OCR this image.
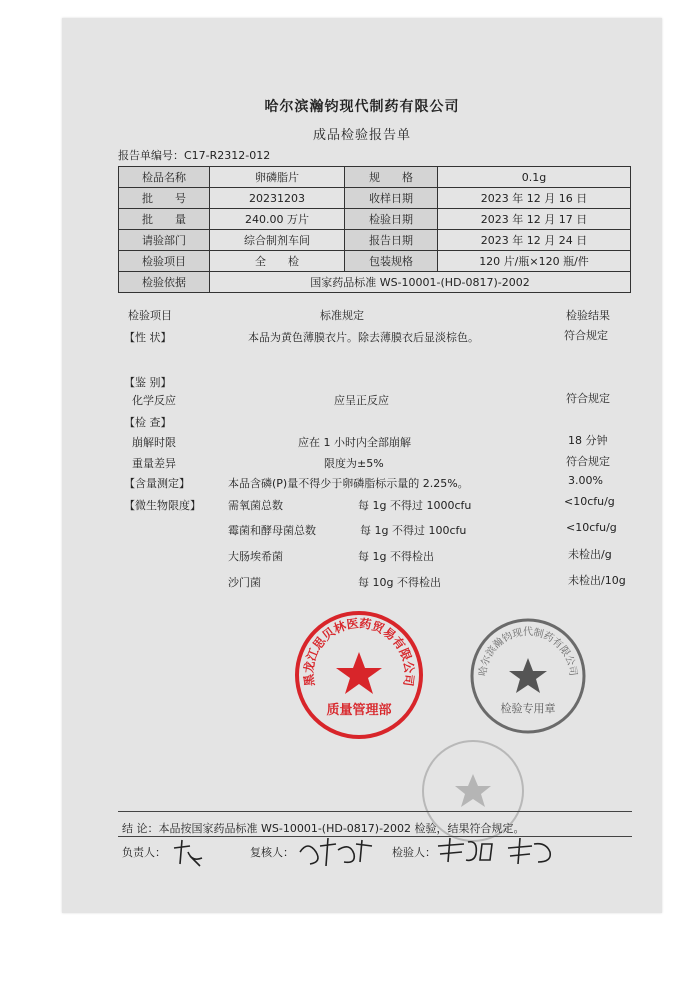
哈尔滨瀚钧现代制药有限公司
成品检验报告单
报告单编号：C17-R2312-012
检品名称	卵磷脂片	规　　格	0.1g
批　　号	20231203	收样日期	2023 年 12 月 16 日
批　　量	240.00 万片	检验日期	2023 年 12 月 17 日
请验部门	综合制剂车间	报告日期	2023 年 12 月 24 日
检验项目	全　　检	包装规格	120 片/瓶×120 瓶/件
检验依据	国家药品标准 WS-10001-(HD-0817)-2002		
检验项目	标准规定	检验结果
【性 状】	本品为黄色薄膜衣片。除去薄膜衣后显淡棕色。	符合规定
【鉴 别】
化学反应	应呈正反应	符合规定
【检 查】
崩解时限	应在 1 小时内全部崩解	18 分钟
重量差异	限度为±5%	符合规定
【含量测定】	本品含磷(P)量不得少于卵磷脂标示量的 2.25%。	3.00%
【微生物限度】 需氧菌总数	每 1g 不得过 1000cfu	<10cfu/g
霉菌和酵母菌总数	每 1g 不得过 100cfu	<10cfu/g
大肠埃希菌	每 1g 不得检出	未检出/g
沙门菌	每 10g 不得检出	未检出/10g
黑龙江思贝林医药贸易有限公司
质量管理部
哈尔滨瀚钧现代制药有限公司
检验专用章
结 论：本品按国家药品标准 WS-10001-(HD-0817)-2002 检验，结果符合规定。
负责人：	复核人：	检验人：
